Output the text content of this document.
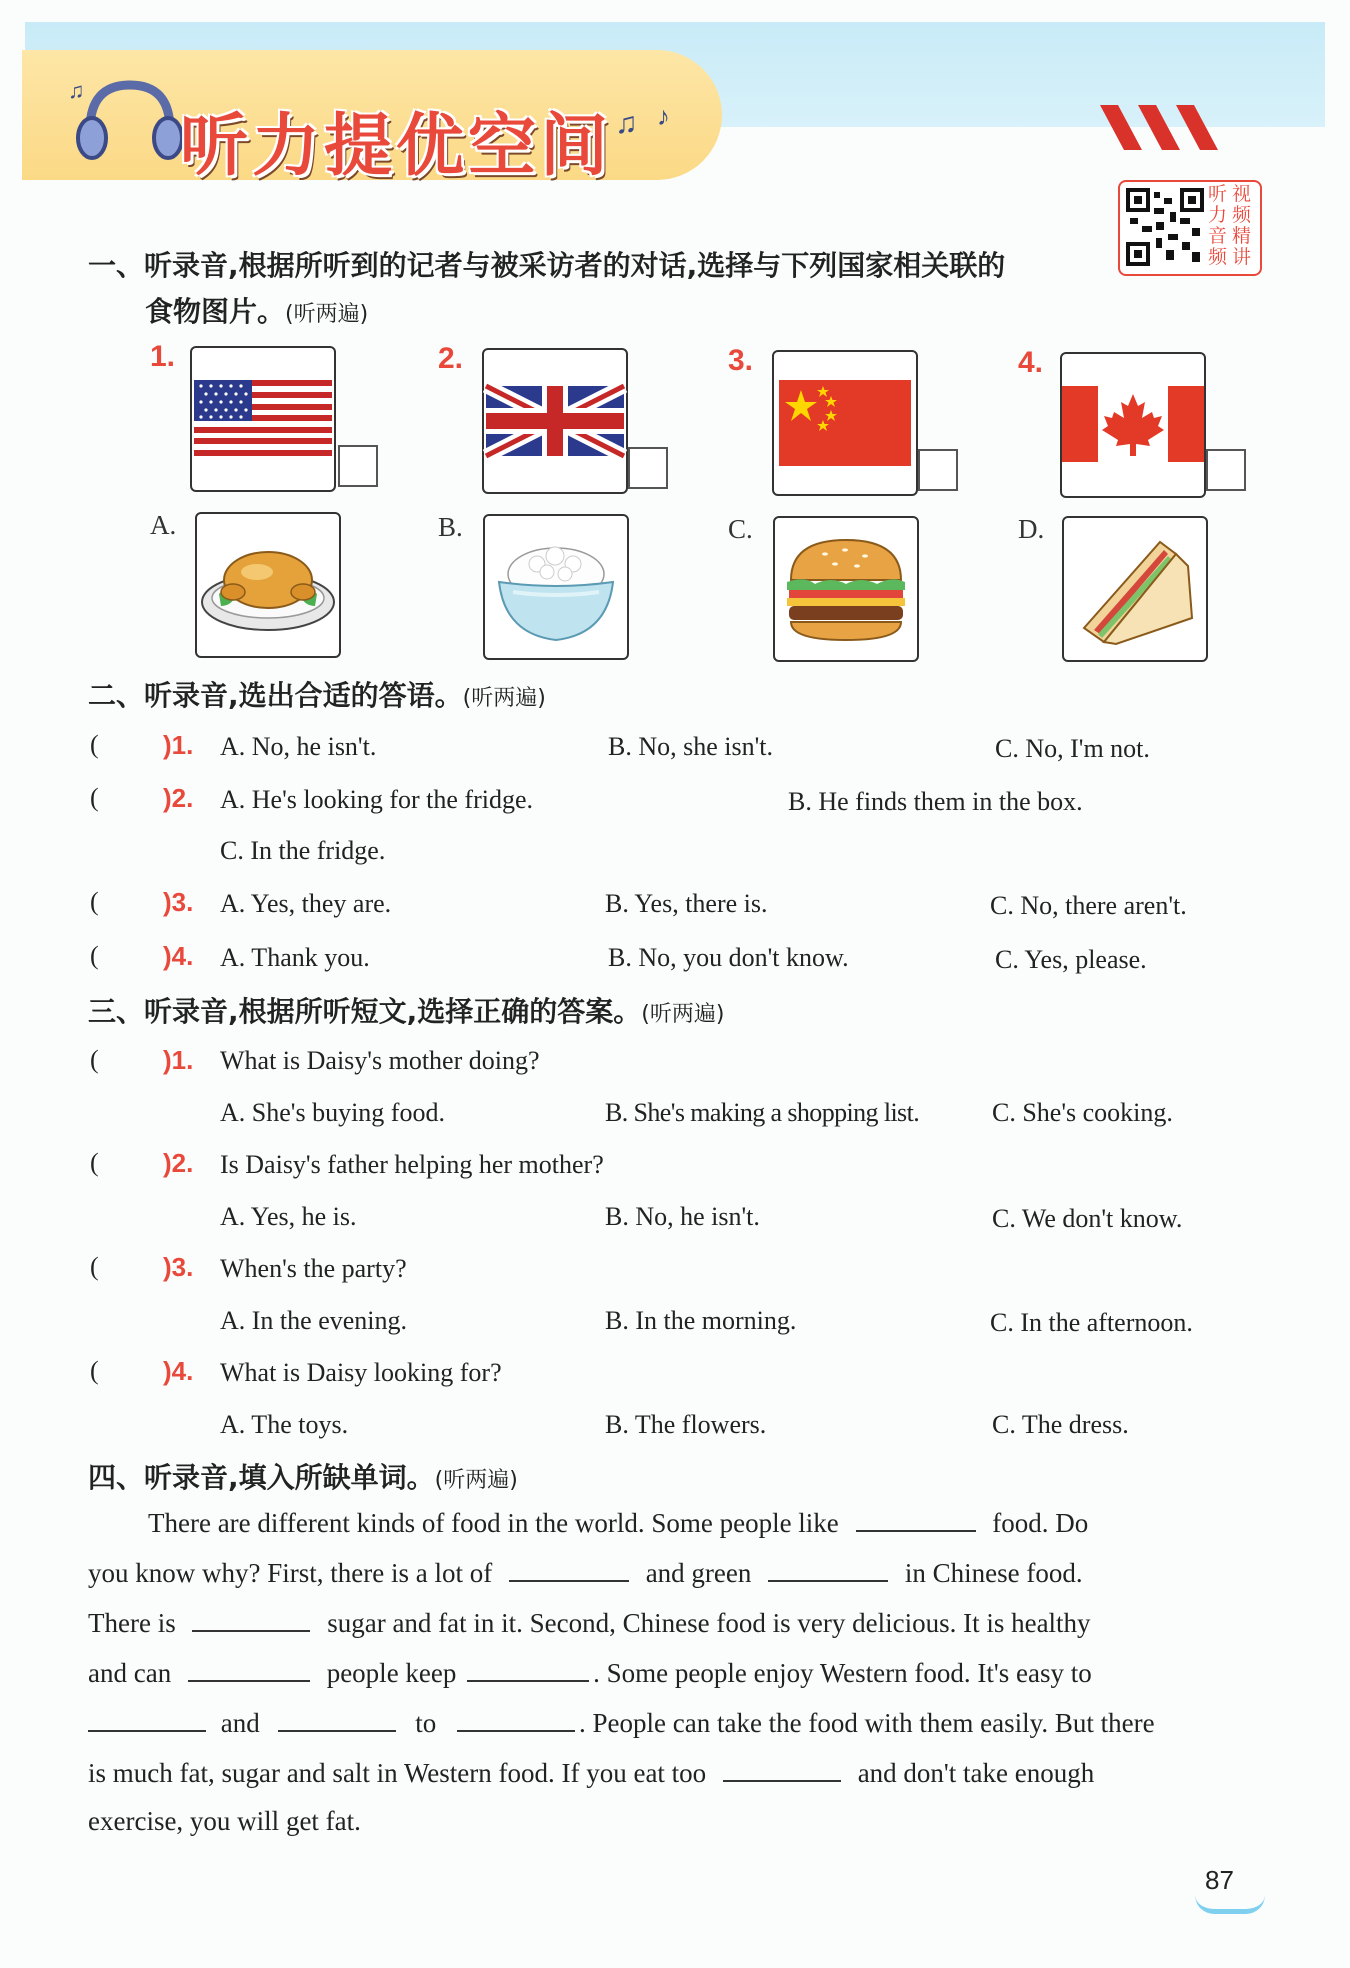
♫
听力提优空间 ♫ ♪
听力音频
视频精讲
一、听录音,根据所听到的记者与被采访者的对话,选择与下列国家相关联的
食物图片。(听两遍)
1.	2.	3.	4.
A.	B.	C.	D.
二、听录音,选出合适的答语。(听两遍)
( )1. A. No, he isn't.	B. No, she isn't.	C. No, I'm not.
( )2. A. He's looking for the fridge.	B. He finds them in the box.
C. In the fridge.
( )3. A. Yes, they are.	B. Yes, there is.	C. No, there aren't.
( )4. A. Thank you.	B. No, you don't know.	C. Yes, please.
三、听录音,根据所听短文,选择正确的答案。(听两遍)
( )1. What is Daisy's mother doing?
A. She's buying food.	B. She's making a shopping list.	C. She's cooking.
( )2. Is Daisy's father helping her mother?
A. Yes, he is.	B. No, he isn't.	C. We don't know.
( )3. When's the party?
A. In the evening.	B. In the morning.	C. In the afternoon.
( )4. What is Daisy looking for?
A. The toys.	B. The flowers.	C. The dress.
四、听录音,填入所缺单词。(听两遍)
There are different kinds of food in the world. Some people like	food. Do
you know why? First, there is a lot of	and green	in Chinese food.
There is	sugar and fat in it. Second, Chinese food is very delicious. It is healthy
and can	people keep	. Some people enjoy Western food. It's easy to
and	to	. People can take the food with them easily. But there
is much fat, sugar and salt in Western food. If you eat too	and don't take enough
exercise, you will get fat.
87
